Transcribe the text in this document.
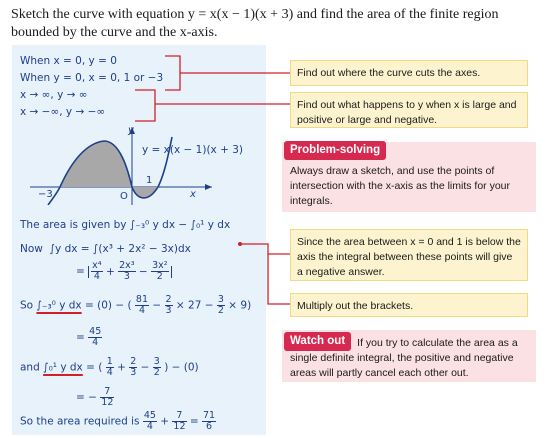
Sketch the curve with equation y = x(x − 1)(x + 3) and find the area of the finite region bounded by the curve and the x-axis.
When x = 0, y = 0
When y = 0, x = 0, 1 or −3
x → ∞, y → ∞
x → −∞, y → −∞
y
x
O
−3
1
y = x(x − 1)(x + 3)
The area is given by ∫₋₃⁰ y dx − ∫₀¹ y dx
Now ∫y dx = ∫(x³ + 2x² − 3x)dx
= $\frac{\text{x⁴}}{4} + \frac{\text{2x³}}{3} - \frac{\text{3x²}}{2}$
So ∫₋₃⁰ y dx = (0) − ( $\frac{81}{4} - \frac{2}{3} \times 27 - \frac{3}{2} \times 9$)
= $\frac{45}{4}$
and ∫₀¹ y dx = ( $\frac{1}{4} + \frac{2}{3} - \frac{3}{2}$ ) − (0)
= − $\frac{7}{12}$
So the area required is $\frac{45}{4} + \frac{7}{12} = \frac{71}{6}$
Find out where the curve cuts the axes.
Find out what happens to y when x is large and positive or large and negative.
Problem-solving
Always draw a sketch, and use the points of intersection with the x-axis as the limits for your integrals.
Since the area between x = 0 and 1 is below the axis the integral between these points will give a negative answer.
Multiply out the brackets.
Watch out	If you try to calculate the area as a single definite integral, the positive and negative areas will partly cancel each other out.
